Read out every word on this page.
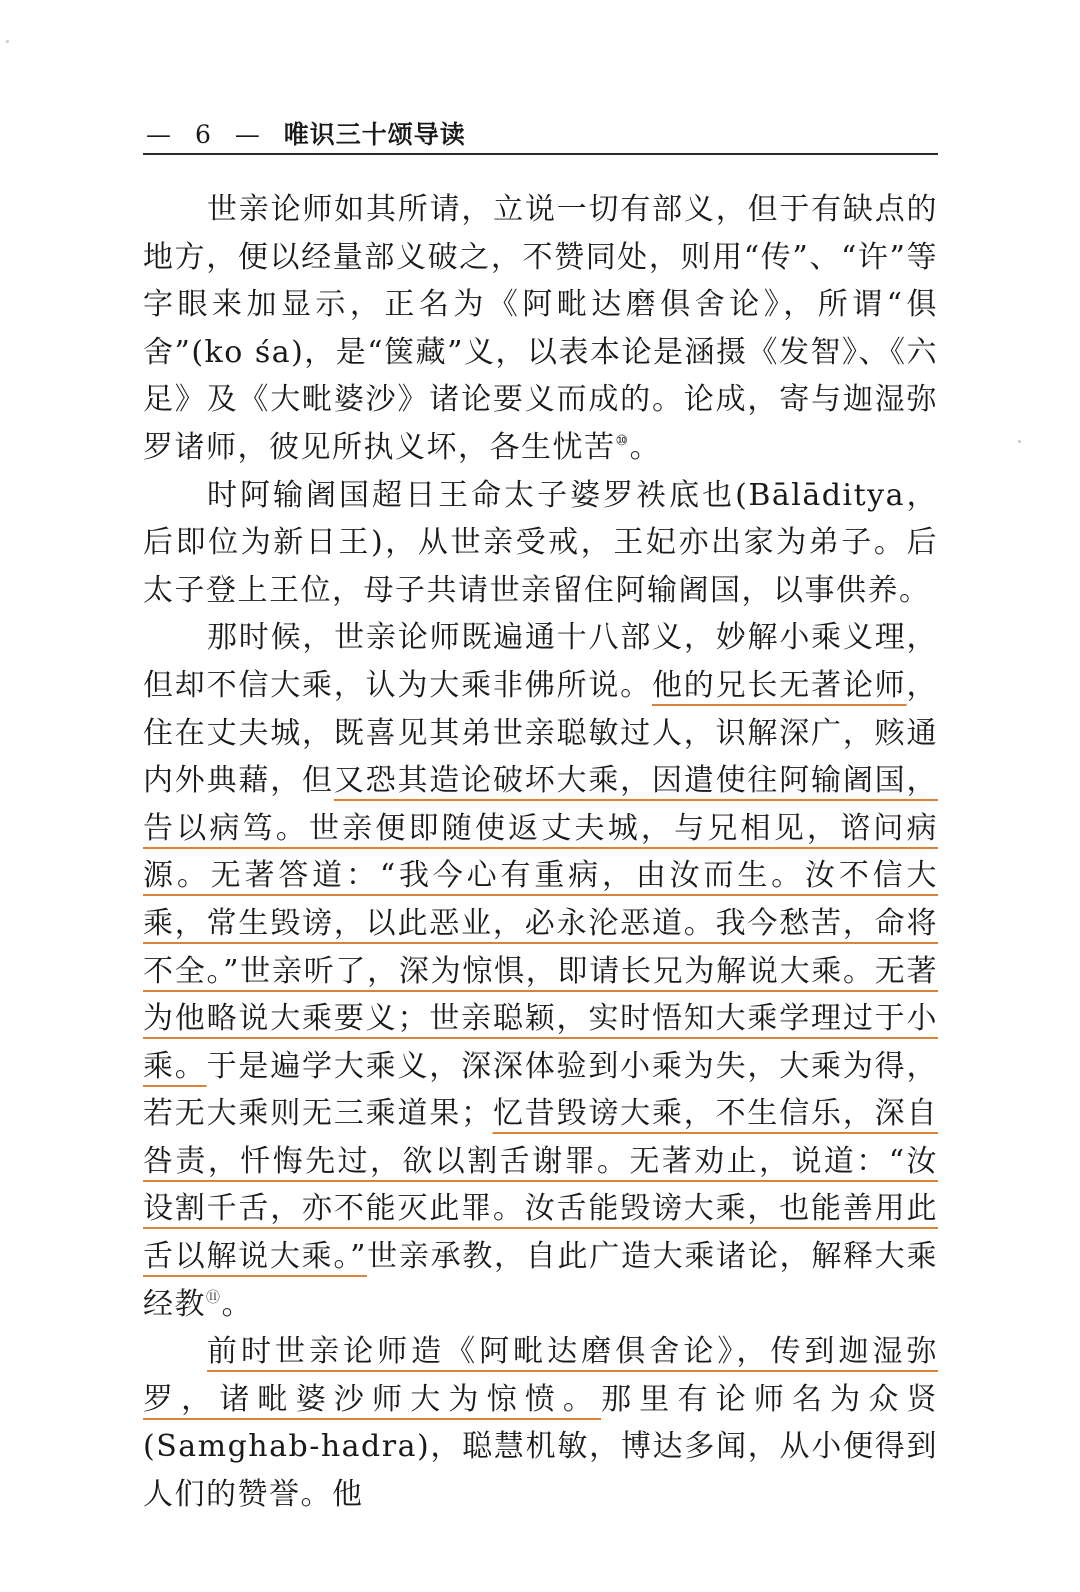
— 6 — 唯识三十颂导读

世亲论师如其所请，立说一切有部义，但于有缺点的地方，便以经量部义破之，不赞同处，则用“传”、“许”等字眼来加显示，正名为《阿毗达磨俱舍论》，所谓“俱舍”(ko śa)，是“箧藏”义，以表本论是涵摄《发智》、《六足》及《大毗婆沙》诸论要义而成的。论成，寄与迦湿弥罗诸师，彼见所执义坏，各生忧苦⑩。

时阿输阇国超日王命太子婆罗袟底也(Bālāditya，后即位为新日王)，从世亲受戒，王妃亦出家为弟子。后太子登上王位，母子共请世亲留住阿输阇国，以事供养。

那时候，世亲论师既遍通十八部义，妙解小乘义理，但却不信大乘，认为大乘非佛所说。他的兄长无著论师，住在丈夫城，既喜见其弟世亲聪敏过人，识解深广，赅通内外典藉，但又恐其造论破坏大乘，因遣使往阿输阇国，告以病笃。世亲便即随使返丈夫城，与兄相见，谘问病源。无著答道：“我今心有重病，由汝而生。汝不信大乘，常生毁谤，以此恶业，必永沦恶道。我今愁苦，命将不全。”世亲听了，深为惊惧，即请长兄为解说大乘。无著为他略说大乘要义；世亲聪颖，实时悟知大乘学理过于小乘。于是遍学大乘义，深深体验到小乘为失，大乘为得，若无大乘则无三乘道果；忆昔毁谤大乘，不生信乐，深自咎责，忏悔先过，欲以割舌谢罪。无著劝止，说道：“汝设割千舌，亦不能灭此罪。汝舌能毁谤大乘，也能善用此舌以解说大乘。”世亲承教，自此广造大乘诸论，解释大乘经教⑪。

前时世亲论师造《阿毗达磨俱舍论》，传到迦湿弥罗，诸毗婆沙师大为惊愤。那里有论师名为众贤(Samghab-hadra)，聪慧机敏，博达多闻，从小便得到人们的赞誉。他
